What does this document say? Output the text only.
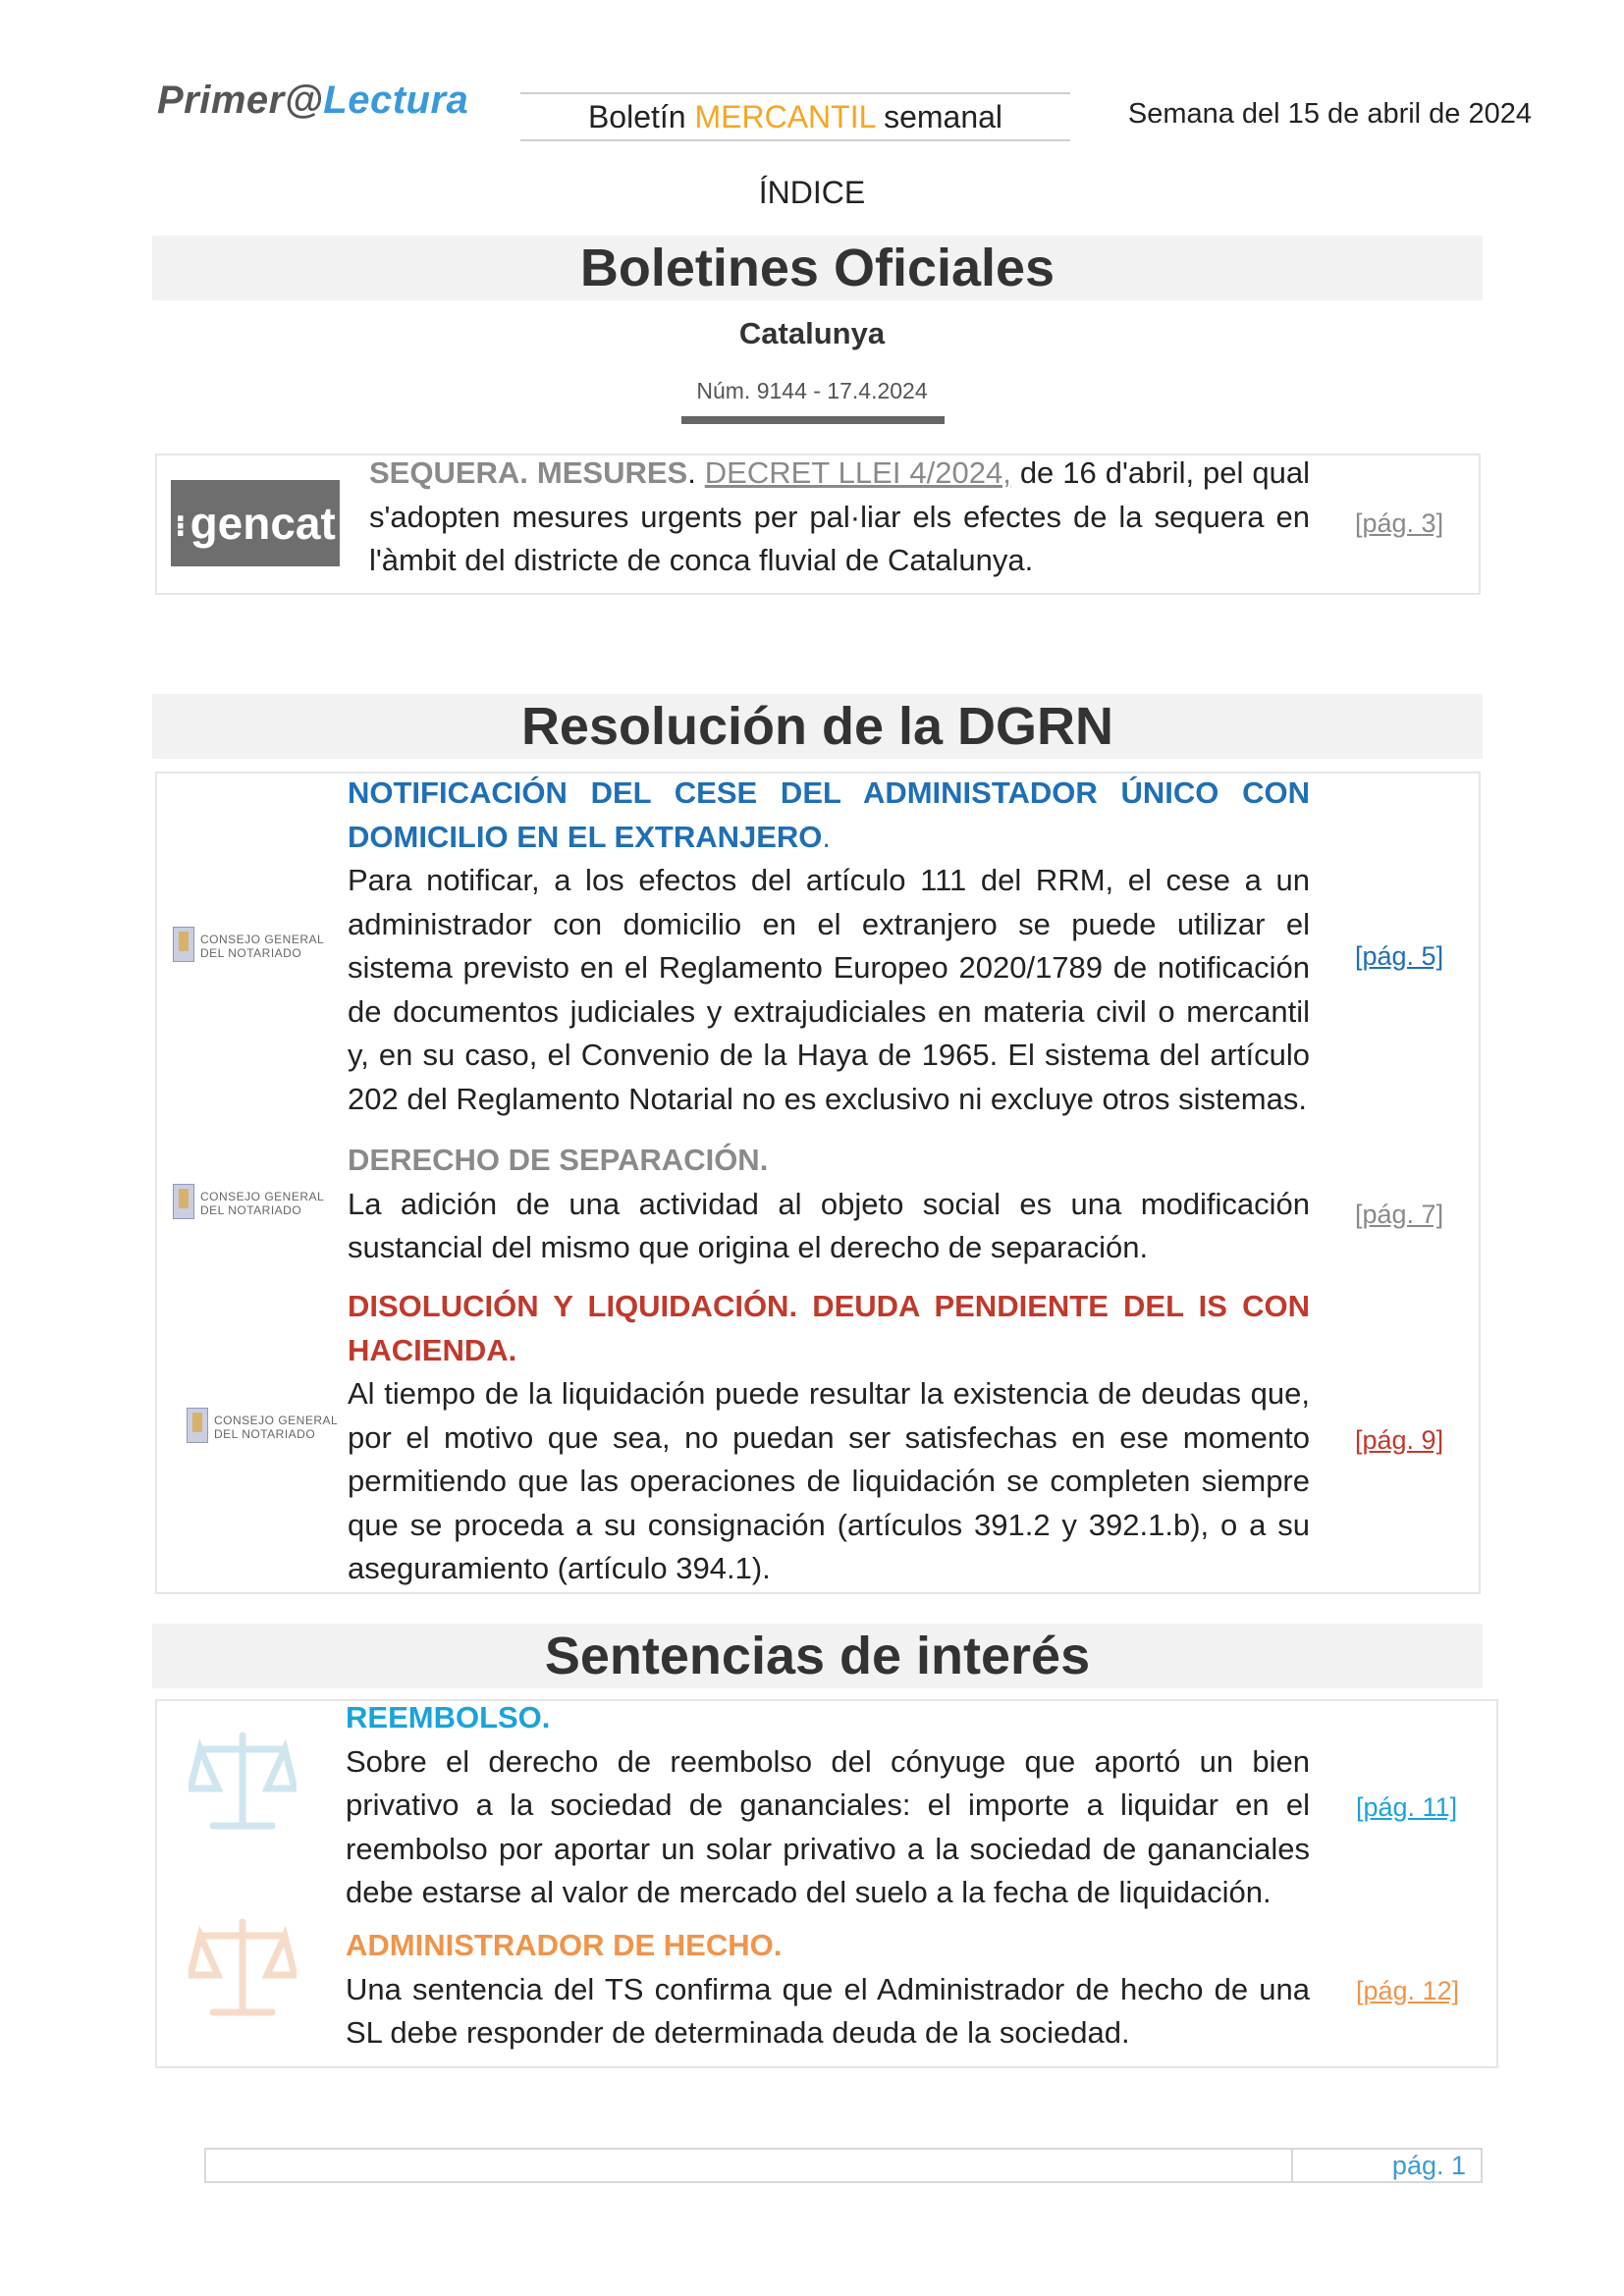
Primer@Lectura	Boletín MERCANTIL semanal	Semana del 15 de abril de 2024
ÍNDICE
Boletines Oficiales
Catalunya
Núm. 9144 - 17.4.2024
⁝gencat
SEQUERA. MESURES. DECRET LLEI 4/2024, de 16 d'abril, pel qual s'adopten mesures urgents per pal·liar els efectes de la sequera en l'àmbit del districte de conca fluvial de Catalunya.
[pág. 3]
Resolución de la DGRN
CONSEJO GENERAL
DEL NOTARIADO
NOTIFICACIÓN DEL CESE DEL ADMINISTADOR ÚNICO CON DOMICILIO EN EL EXTRANJERO.
Para notificar, a los efectos del artículo 111 del RRM, el cese a un administrador con domicilio en el extranjero se puede utilizar el sistema previsto en el Reglamento Europeo 2020/1789 de notificación de documentos judiciales y extrajudiciales en materia civil o mercantil y, en su caso, el Convenio de la Haya de 1965. El sistema del artículo 202 del Reglamento Notarial no es exclusivo ni excluye otros sistemas.
[pág. 5]
CONSEJO GENERAL
DEL NOTARIADO
DERECHO DE SEPARACIÓN.
La adición de una actividad al objeto social es una modificación sustancial del mismo que origina el derecho de separación.
[pág. 7]
CONSEJO GENERAL
DEL NOTARIADO
DISOLUCIÓN Y LIQUIDACIÓN. DEUDA PENDIENTE DEL IS CON HACIENDA.
Al tiempo de la liquidación puede resultar la existencia de deudas que, por el motivo que sea, no puedan ser satisfechas en ese momento permitiendo que las operaciones de liquidación se completen siempre que se proceda a su consignación (artículos 391.2 y 392.1.b), o a su aseguramiento (artículo 394.1).
[pág. 9]
Sentencias de interés
REEMBOLSO.
Sobre el derecho de reembolso del cónyuge que aportó un bien privativo a la sociedad de gananciales: el importe a liquidar en el reembolso por aportar un solar privativo a la sociedad de gananciales debe estarse al valor de mercado del suelo a la fecha de liquidación.
[pág. 11]
ADMINISTRADOR DE HECHO.
Una sentencia del TS confirma que el Administrador de hecho de una SL debe responder de determinada deuda de la sociedad.
[pág. 12]
pág. 1
